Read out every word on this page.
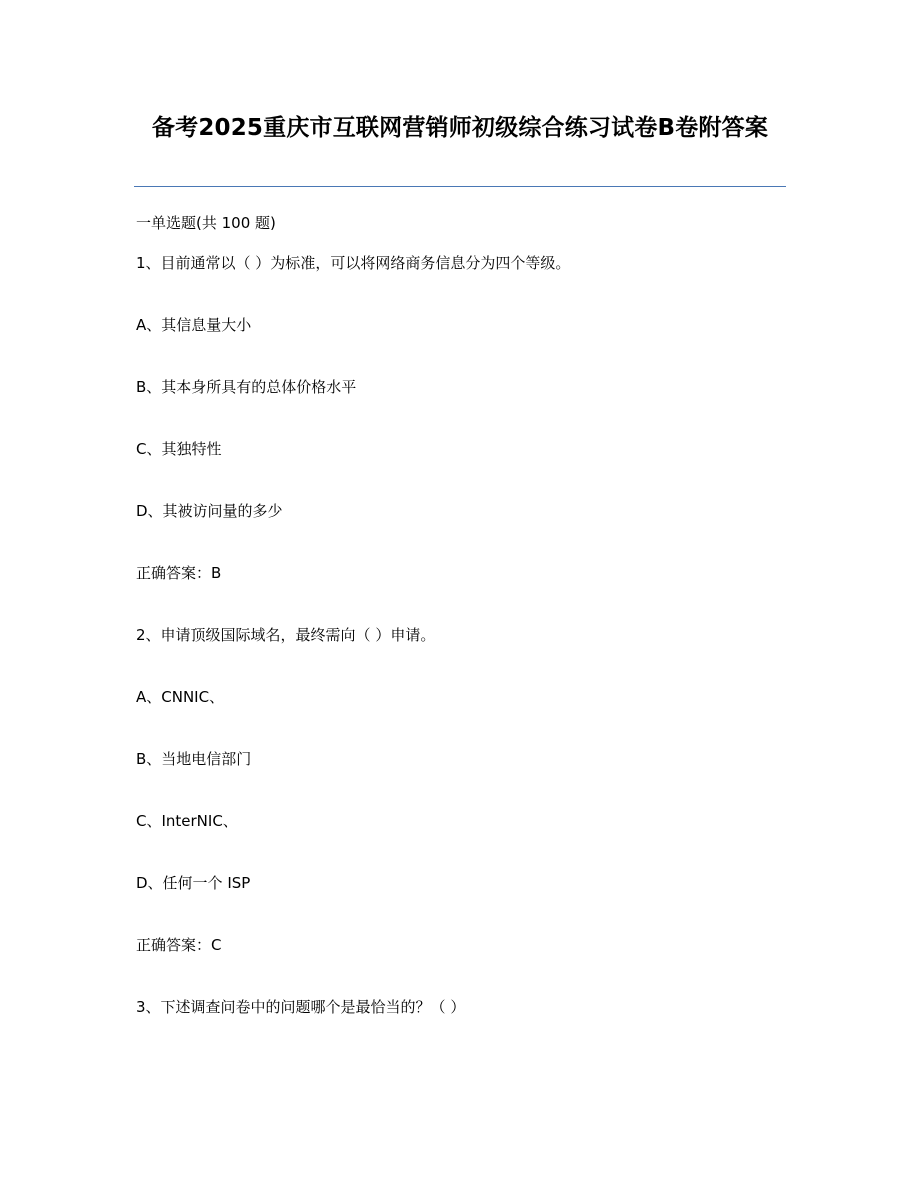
备考2025重庆市互联网营销师初级综合练习试卷B卷附答案
一单选题(共 100 题)
1、目前通常以（ ）为标准，可以将网络商务信息分为四个等级。
A、其信息量大小
B、其本身所具有的总体价格水平
C、其独特性
D、其被访问量的多少
正确答案：B
2、申请顶级国际域名，最终需向（ ）申请。
A、CNNIC、
B、当地电信部门
C、InterNIC、
D、任何一个 ISP
正确答案：C
3、下述调查问卷中的问题哪个是最恰当的？（ ）
